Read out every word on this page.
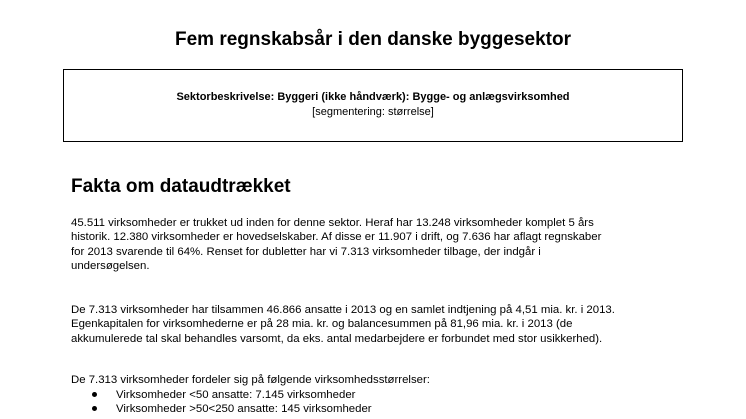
Fem regnskabsår i den danske byggesektor
Sektorbeskrivelse: Byggeri (ikke håndværk): Bygge- og anlægsvirksomhed
[segmentering: størrelse]
Fakta om dataudtrækket
45.511 virksomheder er trukket ud inden for denne sektor. Heraf har 13.248 virksomheder komplet 5 års
historik. 12.380 virksomheder er hovedselskaber. Af disse er 11.907 i drift, og 7.636 har aflagt regnskaber
for 2013 svarende til 64%. Renset for dubletter har vi 7.313 virksomheder tilbage, der indgår i
undersøgelsen.
De 7.313 virksomheder har tilsammen 46.866 ansatte i 2013 og en samlet indtjening på 4,51 mia. kr. i 2013.
Egenkapitalen for virksomhederne er på 28 mia. kr. og balancesummen på 81,96 mia. kr. i 2013 (de
akkumulerede tal skal behandles varsomt, da eks. antal medarbejdere er forbundet med stor usikkerhed).
De 7.313 virksomheder fordeler sig på følgende virksomhedsstørrelser:
Virksomheder <50 ansatte: 7.145 virksomheder
Virksomheder >50<250 ansatte: 145 virksomheder
